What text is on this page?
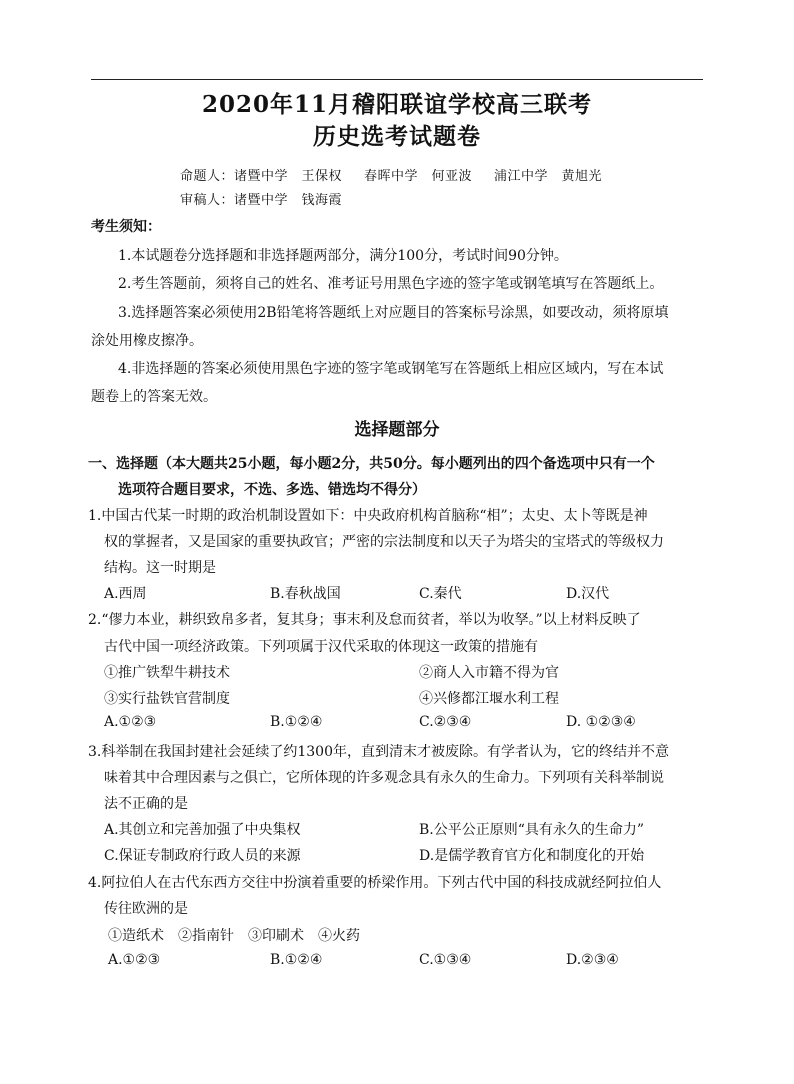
2020年11月稽阳联谊学校高三联考
历史选考试题卷
命题人：诸暨中学　王保权 春晖中学　何亚波 浦江中学　黄旭光
审稿人：诸暨中学　钱海霞
考生须知：
1.本试题卷分选择题和非选择题两部分，满分100分，考试时间90分钟。
2.考生答题前，须将自己的姓名、准考证号用黑色字迹的签字笔或钢笔填写在答题纸上。
3.选择题答案必须使用2B铅笔将答题纸上对应题目的答案标号涂黑，如要改动，须将原填
涂处用橡皮擦净。
4.非选择题的答案必须使用黑色字迹的签字笔或钢笔写在答题纸上相应区域内，写在本试
题卷上的答案无效。
选择题部分
一、选择题（本大题共25小题，每小题2分，共50分。每小题列出的四个备选项中只有一个
选项符合题目要求，不选、多选、错选均不得分）
1.中国古代某一时期的政治机制设置如下：中央政府机构首脑称“相”；太史、太卜等既是神
权的掌握者，又是国家的重要执政官；严密的宗法制度和以天子为塔尖的宝塔式的等级权力
结构。这一时期是
A.西周	B.春秋战国	C.秦代	D.汉代
2.“僇力本业，耕织致帛多者，复其身；事末利及怠而贫者，举以为收孥。”以上材料反映了
古代中国一项经济政策。下列项属于汉代采取的体现这一政策的措施有
①推广铁犁牛耕技术	②商人入市籍不得为官
③实行盐铁官营制度	④兴修都江堰水利工程
A.①②③	B.①②④	C.②③④	D. ①②③④
3.科举制在我国封建社会延续了约1300年，直到清末才被废除。有学者认为，它的终结并不意
味着其中合理因素与之俱亡，它所体现的许多观念具有永久的生命力。下列项有关科举制说
法不正确的是
A.其创立和完善加强了中央集权	B.公平公正原则“具有永久的生命力”
C.保证专制政府行政人员的来源	D.是儒学教育官方化和制度化的开始
4.阿拉伯人在古代东西方交往中扮演着重要的桥梁作用。下列古代中国的科技成就经阿拉伯人
传往欧洲的是
①造纸术　②指南针　③印刷术　④火药
A.①②③	B.①②④	C.①③④	D.②③④
